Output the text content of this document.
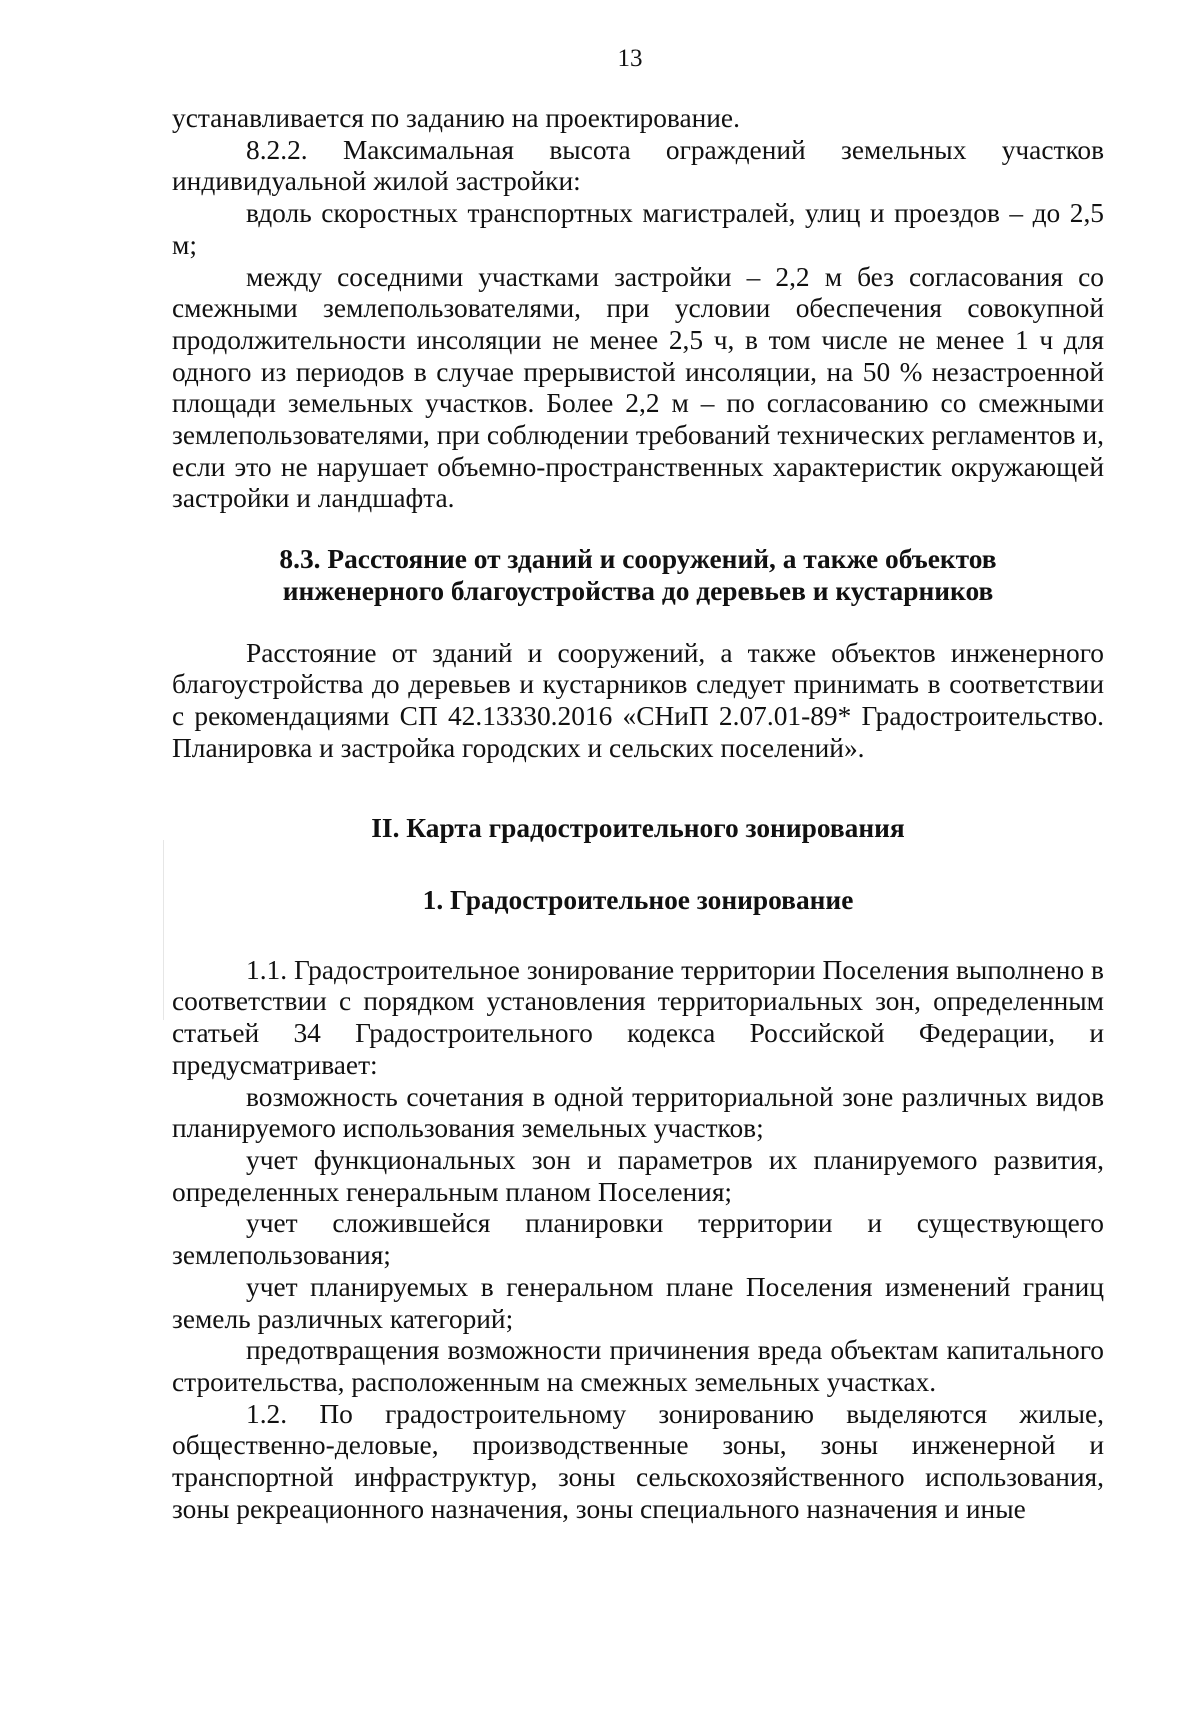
13

устанавливается по заданию на проектирование.

8.2.2. Максимальная высота ограждений земельных участков индивидуальной жилой застройки:

вдоль скоростных транспортных магистралей, улиц и проездов – до 2,5 м;

между соседними участками застройки – 2,2 м без согласования со смежными землепользователями, при условии обеспечения совокупной продолжительности инсоляции не менее 2,5 ч, в том числе не менее 1 ч для одного из периодов в случае прерывистой инсоляции, на 50 % незастроенной площади земельных участков. Более 2,2 м – по согласованию со смежными землепользователями, при соблюдении требований технических регламентов и, если это не нарушает объемно-пространственных характеристик окружающей застройки и ландшафта.

8.3. Расстояние от зданий и сооружений, а также объектов
инженерного благоустройства до деревьев и кустарников

Расстояние от зданий и сооружений, а также объектов инженерного благоустройства до деревьев и кустарников следует принимать в соответствии с рекомендациями СП 42.13330.2016 «СНиП 2.07.01-89* Градостроительство. Планировка и застройка городских и сельских поселений».

II. Карта градостроительного зонирования
1. Градостроительное зонирование

1.1. Градостроительное зонирование территории Поселения выполнено в соответствии с порядком установления территориальных зон, определенным статьей 34 Градостроительного кодекса Российской Федерации, и предусматривает:

возможность сочетания в одной территориальной зоне различных видов планируемого использования земельных участков;

учет функциональных зон и параметров их планируемого развития, определенных генеральным планом Поселения;

учет сложившейся планировки территории и существующего землепользования;

учет планируемых в генеральном плане Поселения изменений границ земель различных категорий;

предотвращения возможности причинения вреда объектам капитального строительства, расположенным на смежных земельных участках.

1.2. По градостроительному зонированию выделяются жилые, общественно-деловые, производственные зоны, зоны инженерной и транспортной инфраструктур, зоны сельскохозяйственного использования, зоны рекреационного назначения, зоны специального назначения и иные
